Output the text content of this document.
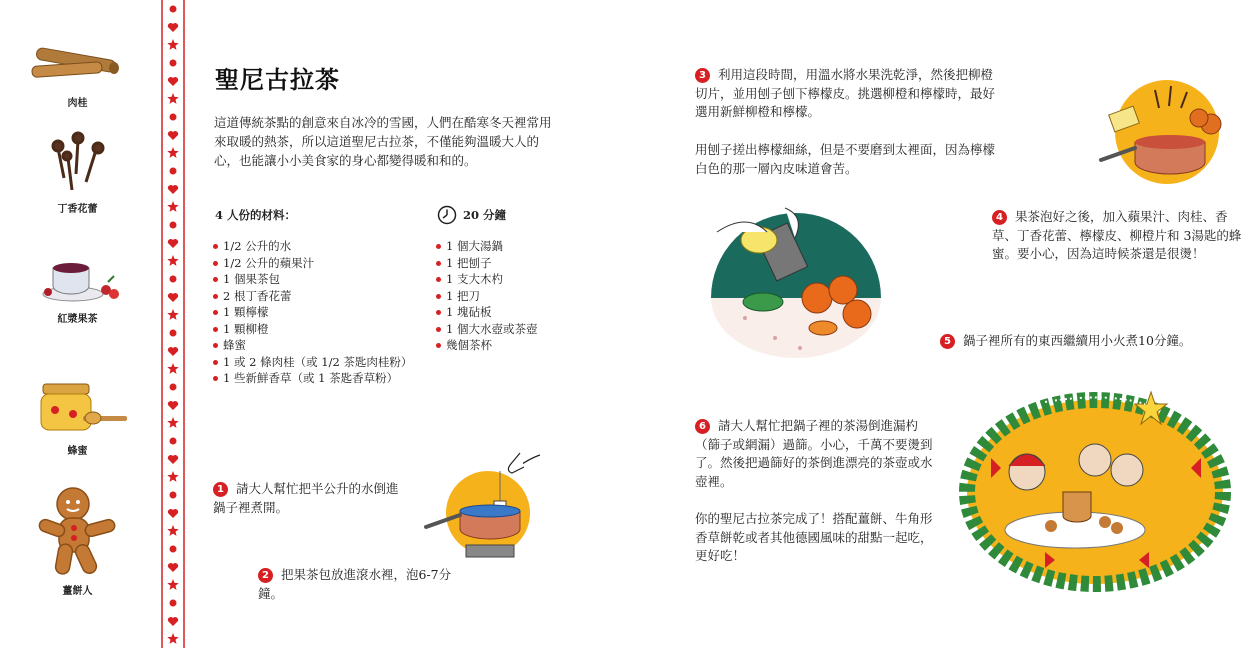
肉桂
丁香花蕾
紅漿果茶
蜂蜜
薑餅人
聖尼古拉茶
這道傳統茶點的創意來自冰冷的雪國，人們在酷寒冬天裡常用來取暖的熱茶，所以這道聖尼古拉茶，不僅能夠溫暖大人的心，也能讓小小美食家的身心都變得暖和和的。
4 人份的材料：	20 分鐘
1/2 公升的水
1/2 公升的蘋果汁
1 個果茶包
2 根丁香花蕾
1 顆檸檬
1 顆柳橙
蜂蜜
1 或 2 條肉桂（或 1/2 茶匙肉桂粉）
1 些新鮮香草（或 1 茶匙香草粉）
1 個大湯鍋
1 把刨子
1 支大木杓
1 把刀
1 塊砧板
1 個大水壺或茶壺
幾個茶杯
1 請大人幫忙把半公升的水倒進鍋子裡煮開。
2 把果茶包放進滾水裡，泡6-7分鐘。
3 利用這段時間，用溫水將水果洗乾淨，然後把柳橙切片，並用刨子刨下檸檬皮。挑選柳橙和檸檬時，最好選用新鮮柳橙和檸檬。
用刨子搓出檸檬細絲，但是不要磨到太裡面，因為檸檬白色的那一層內皮味道會苦。
4 果茶泡好之後，加入蘋果汁、肉桂、香草、丁香花蕾、檸檬皮、柳橙片和 3湯匙的蜂蜜。要小心，因為這時候茶還是很燙！
5 鍋子裡所有的東西繼續用小火煮10分鐘。
6 請大人幫忙把鍋子裡的茶湯倒進漏杓（篩子或網漏）過篩。小心，千萬不要燙到了。然後把過篩好的茶倒進漂亮的茶壺或水壺裡。
你的聖尼古拉茶完成了！搭配薑餅、牛角形香草餅乾或者其他德國風味的甜點一起吃，更好吃！
